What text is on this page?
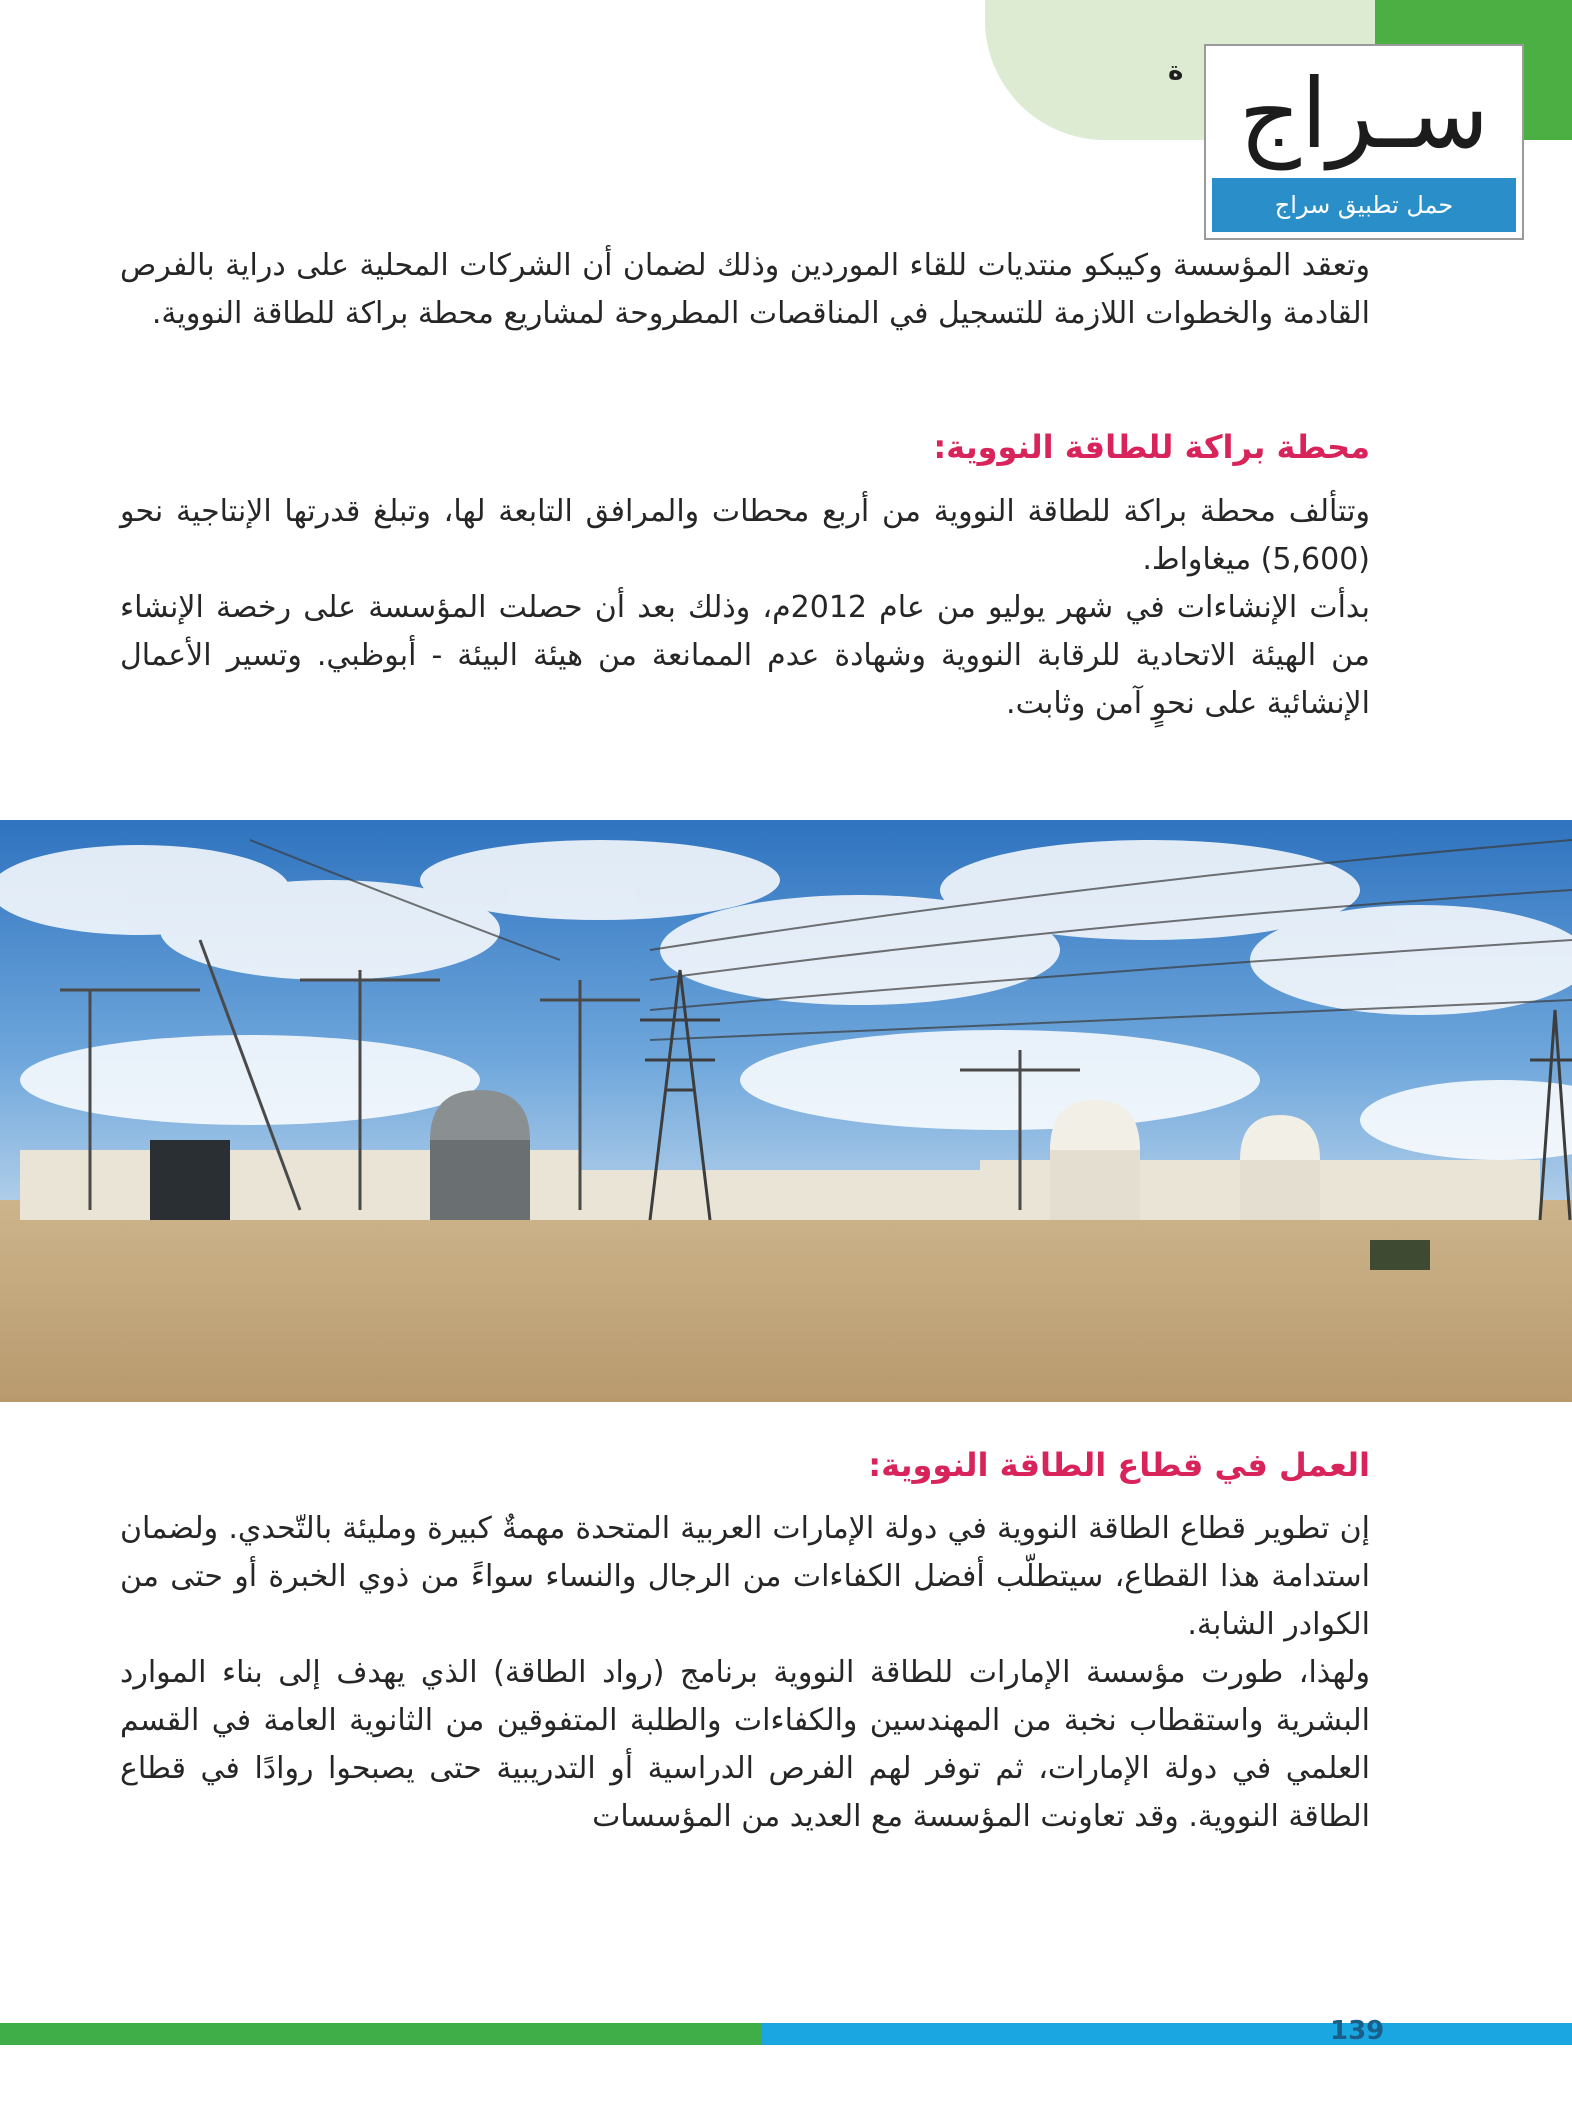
ة سـراج
حمل تطبيق سراج

وتعقد المؤسسة وكيبكو منتديات للقاء الموردين وذلك لضمان أن الشركات المحلية على دراية بالفرص القادمة والخطوات اللازمة للتسجيل في المناقصات المطروحة لمشاريع محطة براكة للطاقة النووية.

محطة براكة للطاقة النووية:

وتتألف محطة براكة للطاقة النووية من أربع محطات والمرافق التابعة لها، وتبلغ قدرتها الإنتاجية نحو (5,600) ميغاواط.

بدأت الإنشاءات في شهر يوليو من عام 2012م، وذلك بعد أن حصلت المؤسسة على رخصة الإنشاء من الهيئة الاتحادية للرقابة النووية وشهادة عدم الممانعة من هيئة البيئة - أبوظبي. وتسير الأعمال الإنشائية على نحوٍ آمن وثابت.

العمل في قطاع الطاقة النووية:

إن تطوير قطاع الطاقة النووية في دولة الإمارات العربية المتحدة مهمةٌ كبيرة ومليئة بالتّحدي. ولضمان استدامة هذا القطاع، سيتطلّب أفضل الكفاءات من الرجال والنساء سواءً من ذوي الخبرة أو حتى من الكوادر الشابة.

ولهذا، طورت مؤسسة الإمارات للطاقة النووية برنامج (رواد الطاقة) الذي يهدف إلى بناء الموارد البشرية واستقطاب نخبة من المهندسين والكفاءات والطلبة المتفوقين من الثانوية العامة في القسم العلمي في دولة الإمارات، ثم توفر لهم الفرص الدراسية أو التدريبية حتى يصبحوا روادًا في قطاع الطاقة النووية. وقد تعاونت المؤسسة مع العديد من المؤسسات

139
